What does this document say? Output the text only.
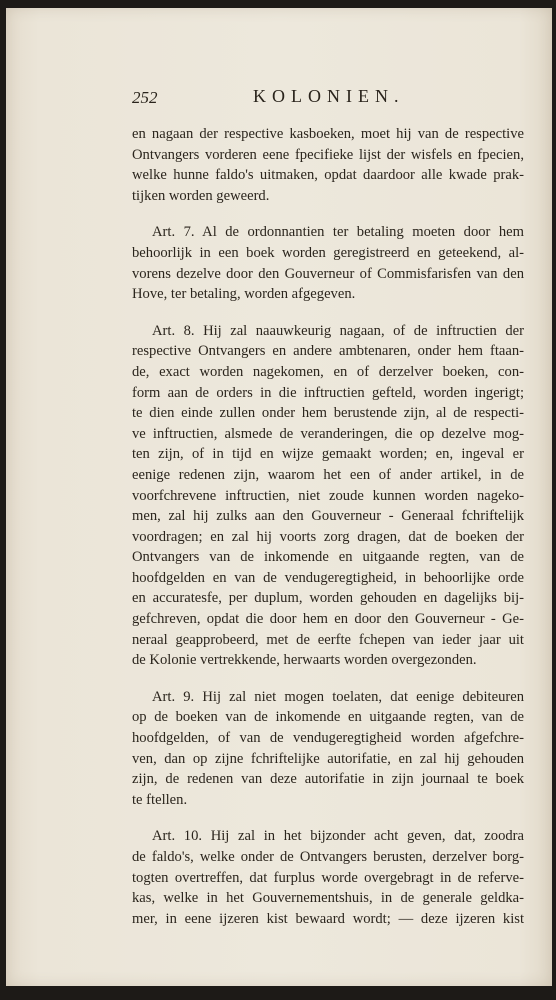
252	KOLONIEN.
en nagaan der respective kasboeken, moet hij van de respective
Ontvangers vorderen eene fpecifieke lijst der wisfels en fpecien,
welke hunne faldo's uitmaken, opdat daardoor alle kwade prak-
tijken worden geweerd.
Art. 7. Al de ordonnantien ter betaling moeten door hem
behoorlijk in een boek worden geregistreerd en geteekend, al-
vorens dezelve door den Gouverneur of Commisfarisfen van den
Hove, ter betaling, worden afgegeven.
Art. 8. Hij zal naauwkeurig nagaan, of de inftructien der
respective Ontvangers en andere ambtenaren, onder hem ftaan-
de, exact worden nagekomen, en of derzelver boeken, con-
form aan de orders in die inftructien gefteld, worden ingerigt;
te dien einde zullen onder hem berustende zijn, al de respecti-
ve inftructien, alsmede de veranderingen, die op dezelve mog-
ten zijn, of in tijd en wijze gemaakt worden; en, ingeval er
eenige redenen zijn, waarom het een of ander artikel, in de
voorfchrevene inftructien, niet zoude kunnen worden nageko-
men, zal hij zulks aan den Gouverneur - Generaal fchriftelijk
voordragen; en zal hij voorts zorg dragen, dat de boeken der
Ontvangers van de inkomende en uitgaande regten, van de
hoofdgelden en van de vendugeregtigheid, in behoorlijke orde
en accuratesfe, per duplum, worden gehouden en dagelijks bij-
gefchreven, opdat die door hem en door den Gouverneur - Ge-
neraal geapprobeerd, met de eerfte fchepen van ieder jaar uit
de Kolonie vertrekkende, herwaarts worden overgezonden.
Art. 9. Hij zal niet mogen toelaten, dat eenige debiteuren
op de boeken van de inkomende en uitgaande regten, van de
hoofdgelden, of van de vendugeregtigheid worden afgefchre-
ven, dan op zijne fchriftelijke autorifatie, en zal hij gehouden
zijn, de redenen van deze autorifatie in zijn journaal te boek
te ftellen.
Art. 10. Hij zal in het bijzonder acht geven, dat, zoodra
de faldo's, welke onder de Ontvangers berusten, derzelver borg-
togten overtreffen, dat furplus worde overgebragt in de referve-
kas, welke in het Gouvernementshuis, in de generale geldka-
mer, in eene ijzeren kist bewaard wordt; — deze ijzeren kist
